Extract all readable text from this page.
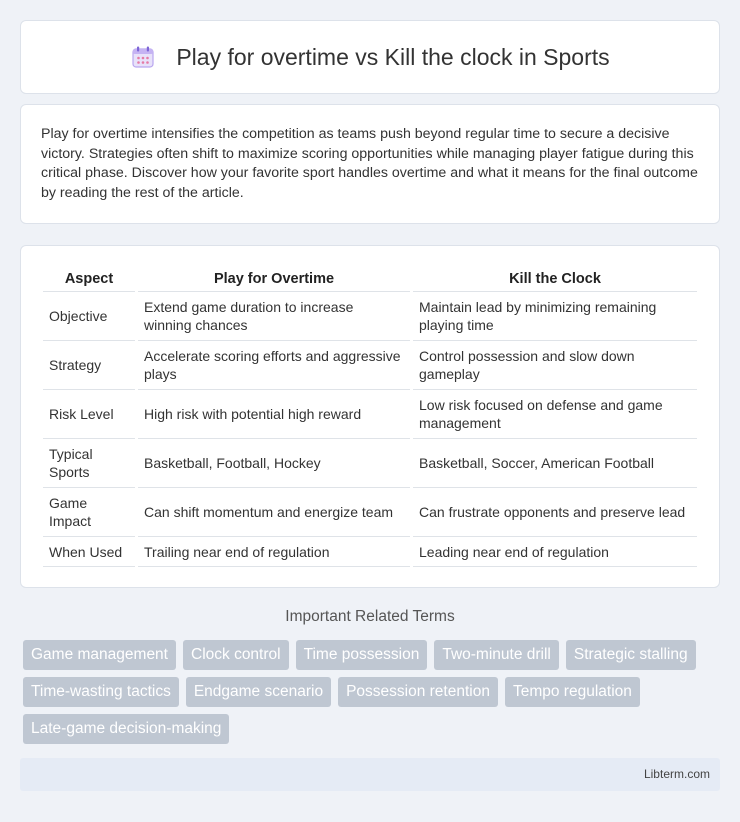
Play for overtime vs Kill the clock in Sports

Play for overtime intensifies the competition as teams push beyond regular time to secure a decisive victory. Strategies often shift to maximize scoring opportunities while managing player fatigue during this critical phase. Discover how your favorite sport handles overtime and what it means for the final outcome by reading the rest of the article.

Aspect	Play for Overtime	Kill the Clock
Objective	Extend game duration to increase winning chances	Maintain lead by minimizing remaining playing time
Strategy	Accelerate scoring efforts and aggressive plays	Control possession and slow down gameplay
Risk Level	High risk with potential high reward	Low risk focused on defense and game management
Typical Sports	Basketball, Football, Hockey	Basketball, Soccer, American Football
Game Impact	Can shift momentum and energize team	Can frustrate opponents and preserve lead
When Used	Trailing near end of regulation	Leading near end of regulation
Important Related Terms
Game management	Clock control	Time possession	Two-minute drill	Strategic stalling
Time-wasting tactics	Endgame scenario	Possession retention	Tempo regulation
Late-game decision-making
Libterm.com
